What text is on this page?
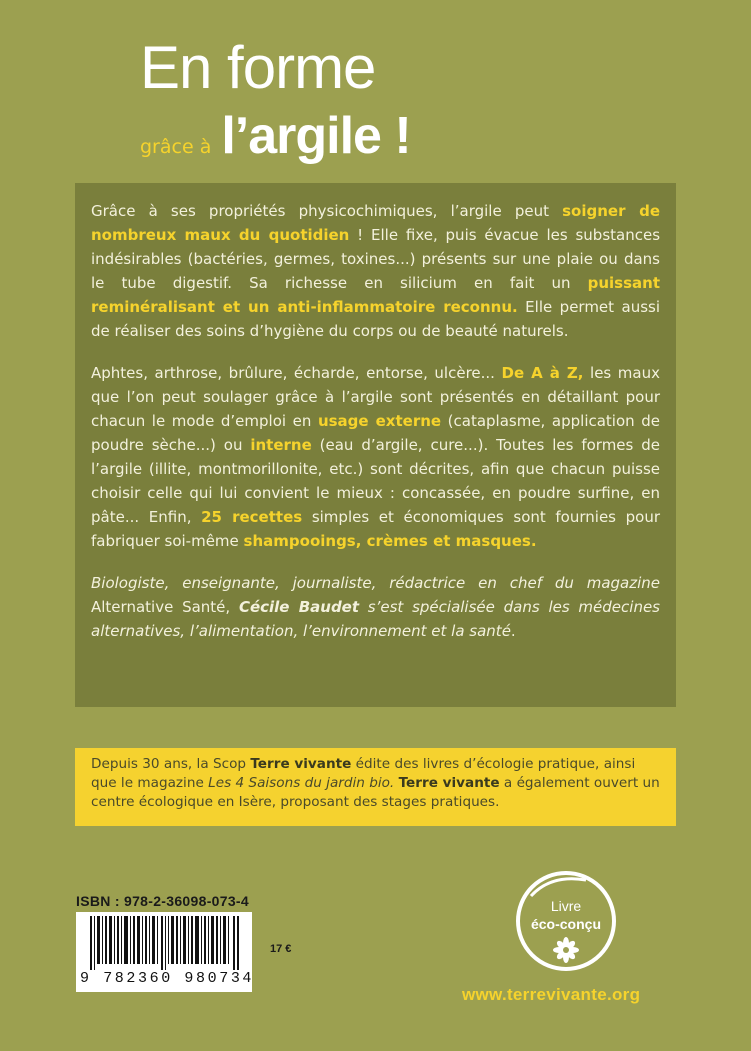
En forme
grâce à l’argile !

Grâce à ses propriétés physicochimiques, l’argile peut soigner de nombreux maux du quotidien ! Elle fixe, puis évacue les substances indésirables (bactéries, germes, toxines...) présents sur une plaie ou dans le tube digestif. Sa richesse en silicium en fait un puissant reminéralisant et un anti-inflammatoire reconnu. Elle permet aussi de réaliser des soins d’hygiène du corps ou de beauté naturels.

Aphtes, arthrose, brûlure, écharde, entorse, ulcère... De A à Z, les maux que l’on peut soulager grâce à l’argile sont présentés en détaillant pour chacun le mode d’emploi en usage externe (cataplasme, application de poudre sèche...) ou interne (eau d’argile, cure...). Toutes les formes de l’argile (illite, montmorillonite, etc.) sont décrites, afin que chacun puisse choisir celle qui lui convient le mieux : concassée, en poudre surfine, en pâte... Enfin, 25 recettes simples et économiques sont fournies pour fabriquer soi-même shampooings, crèmes et masques.

Biologiste, enseignante, journaliste, rédactrice en chef du magazine Alternative Santé, Cécile Baudet s’est spécialisée dans les médecines alternatives, l’alimentation, l’environnement et la santé.

Depuis 30 ans, la Scop Terre vivante édite des livres d’écologie pratique, ainsi que le magazine Les 4 Saisons du jardin bio. Terre vivante a également ouvert un centre écologique en Isère, proposant des stages pratiques.
ISBN : 978-2-36098-073-4
9 782360 980734
17 €
Livre
éco-conçu
www.terrevivante.org
